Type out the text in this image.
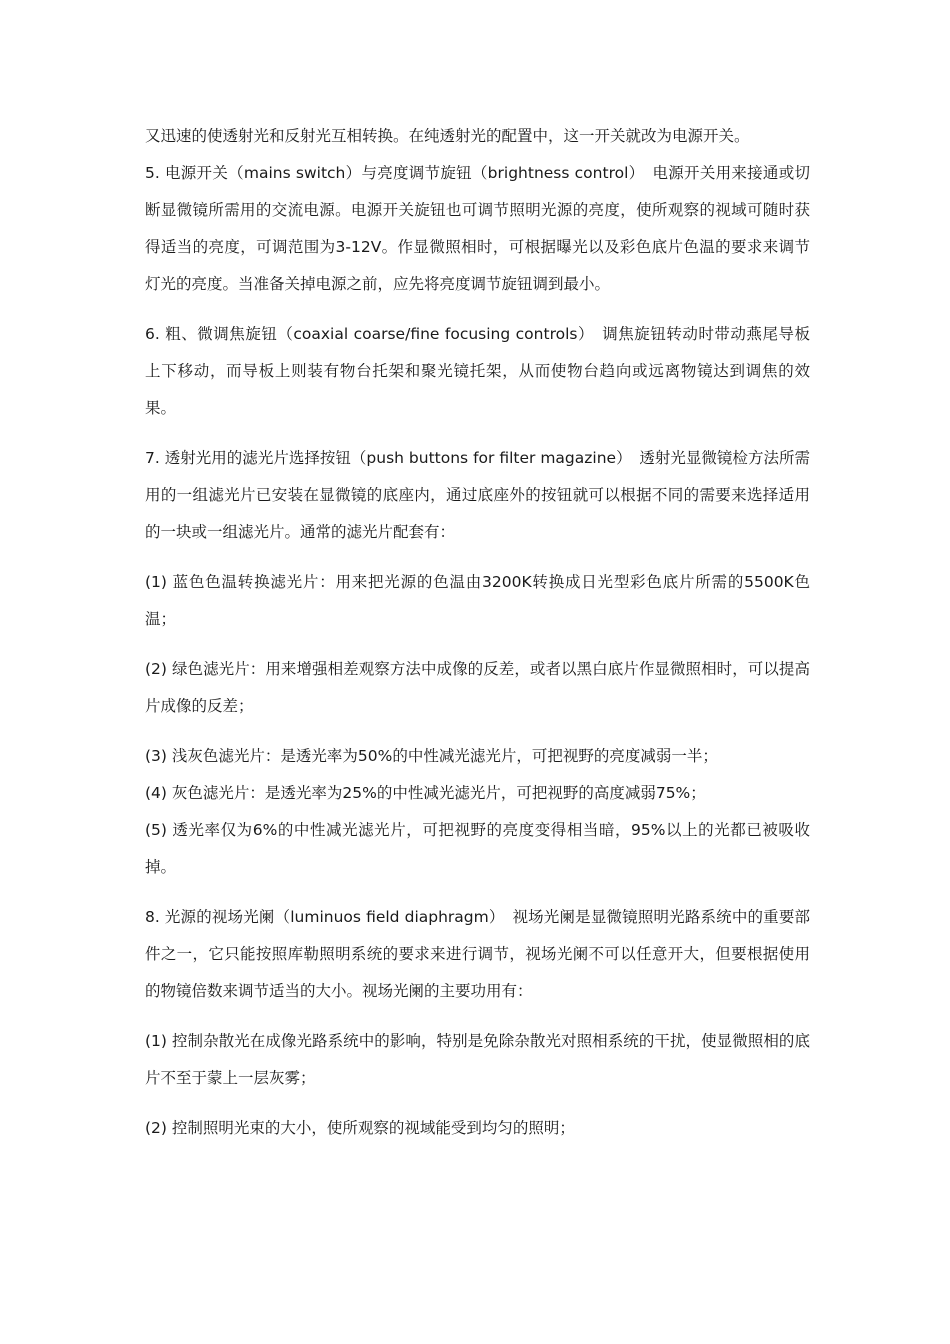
又迅速的使透射光和反射光互相转换。在纯透射光的配置中，这一开关就改为电源开关。

5. 电源开关（mains switch）与亮度调节旋钮（brightness control）　电源开关用来接通或切断显微镜所需用的交流电源。电源开关旋钮也可调节照明光源的亮度，使所观察的视域可随时获得适当的亮度，可调范围为3-12V。作显微照相时，可根据曝光以及彩色底片色温的要求来调节灯光的亮度。当准备关掉电源之前，应先将亮度调节旋钮调到最小。

6. 粗、微调焦旋钮（coaxial coarse/fine focusing controls）　调焦旋钮转动时带动燕尾导板上下移动，而导板上则装有物台托架和聚光镜托架，从而使物台趋向或远离物镜达到调焦的效果。

7. 透射光用的滤光片选择按钮（push buttons for filter magazine）　透射光显微镜检方法所需用的一组滤光片已安装在显微镜的底座内，通过底座外的按钮就可以根据不同的需要来选择适用的一块或一组滤光片。通常的滤光片配套有：

(1) 蓝色色温转换滤光片：用来把光源的色温由3200K转换成日光型彩色底片所需的5500K色温；

(2) 绿色滤光片：用来增强相差观察方法中成像的反差，或者以黑白底片作显微照相时，可以提高片成像的反差；

(3) 浅灰色滤光片：是透光率为50%的中性减光滤光片，可把视野的亮度减弱一半；

(4) 灰色滤光片：是透光率为25%的中性减光滤光片，可把视野的高度减弱75%；

(5) 透光率仅为6%的中性减光滤光片，可把视野的亮度变得相当暗，95%以上的光都已被吸收掉。

8. 光源的视场光阑（luminuos field diaphragm）　视场光阑是显微镜照明光路系统中的重要部件之一，它只能按照库勒照明系统的要求来进行调节，视场光阑不可以任意开大，但要根据使用的物镜倍数来调节适当的大小。视场光阑的主要功用有：

(1) 控制杂散光在成像光路系统中的影响，特别是免除杂散光对照相系统的干扰，使显微照相的底片不至于蒙上一层灰雾；

(2) 控制照明光束的大小，使所观察的视域能受到均匀的照明；
